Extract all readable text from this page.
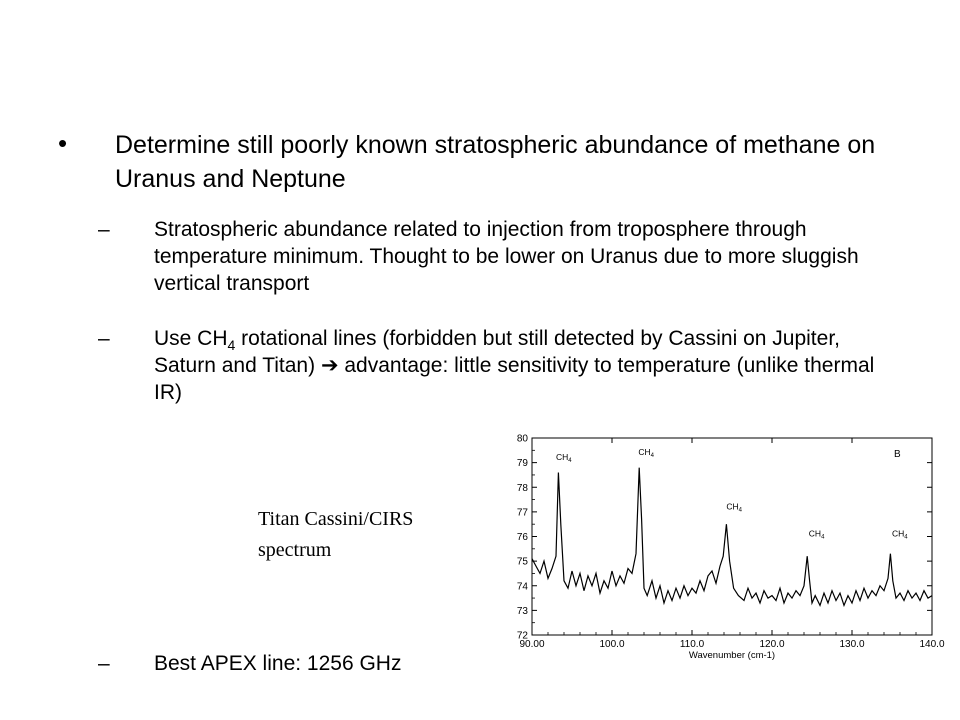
• Determine still poorly known stratospheric abundance of methane on Uranus and Neptune
– Stratospheric abundance related to injection from troposphere through temperature minimum. Thought to be lower on Uranus due to more sluggish vertical transport
– Use $CH_4$ rotational lines (forbidden but still detected by Cassini on Jupiter, Saturn and Titan) ➔ advantage: little sensitivity to temperature (unlike thermal IR)
Titan Cassini/CIRS
spectrum
72
73
74
75
76
77
78
79
80
90.00	100.0	110.0	120.0	130.0	140.0
Wavenumber (cm-1)
B
$CH_4$
$CH_4$
$CH_4$
$CH_4$	$CH_4$
– Best APEX line: 1256 GHz
